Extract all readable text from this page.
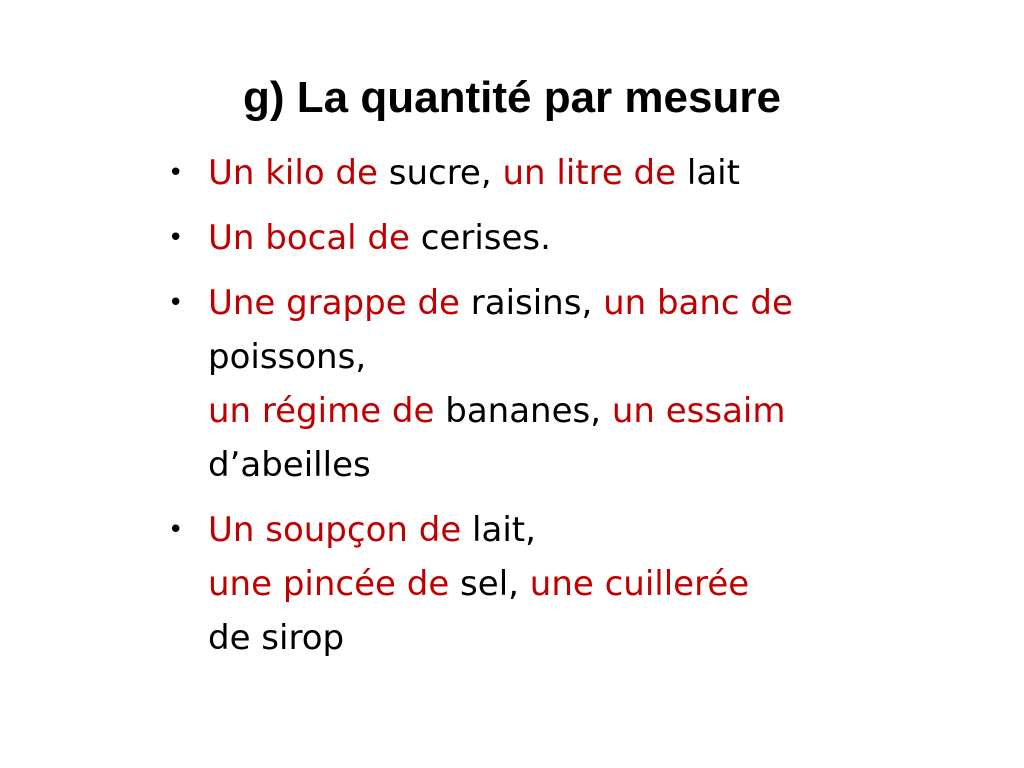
g) La quantité par mesure
• Un kilo de sucre, un litre de lait
• Un bocal de cerises.
• Une grappe de raisins, un banc de
poissons,
un régime de bananes, un essaim
d’abeilles
• Un soupçon de lait,
une pincée de sel, une cuillerée
de sirop
